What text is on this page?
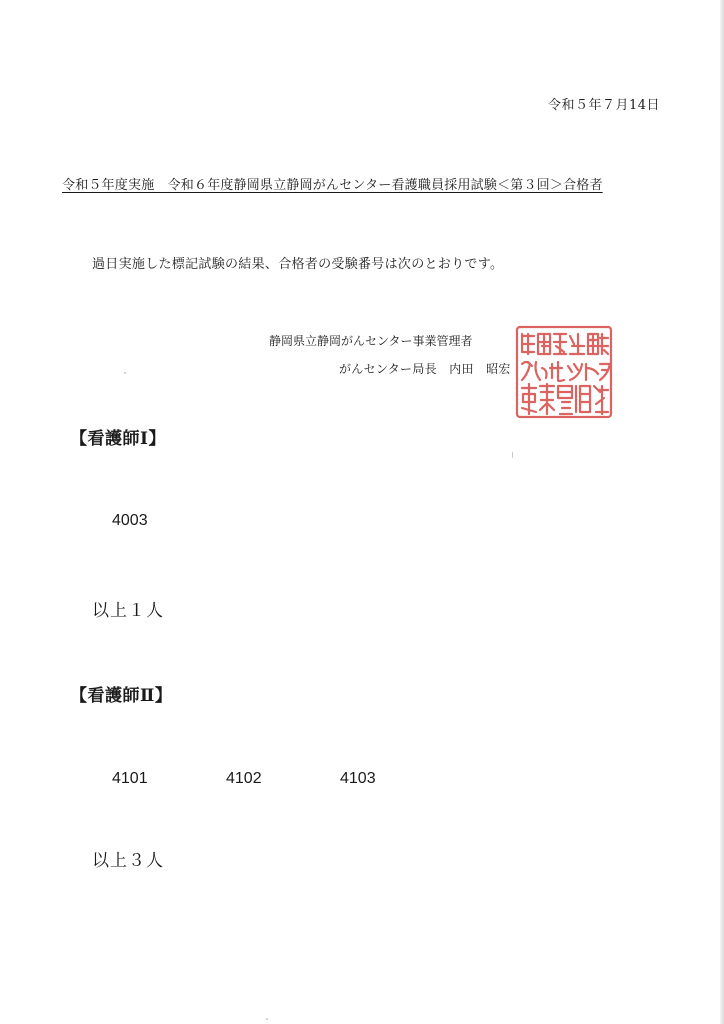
令和５年７月14日
令和５年度実施　令和６年度静岡県立静岡がんセンター看護職員採用試験＜第３回＞合格者
過日実施した標記試験の結果、合格者の受験番号は次のとおりです。
静岡県立静岡がんセンター事業管理者
がんセンター局長　内田　昭宏
【看護師Ⅰ】
4003
以上１人
【看護師Ⅱ】
4101	4102	4103
以上３人
